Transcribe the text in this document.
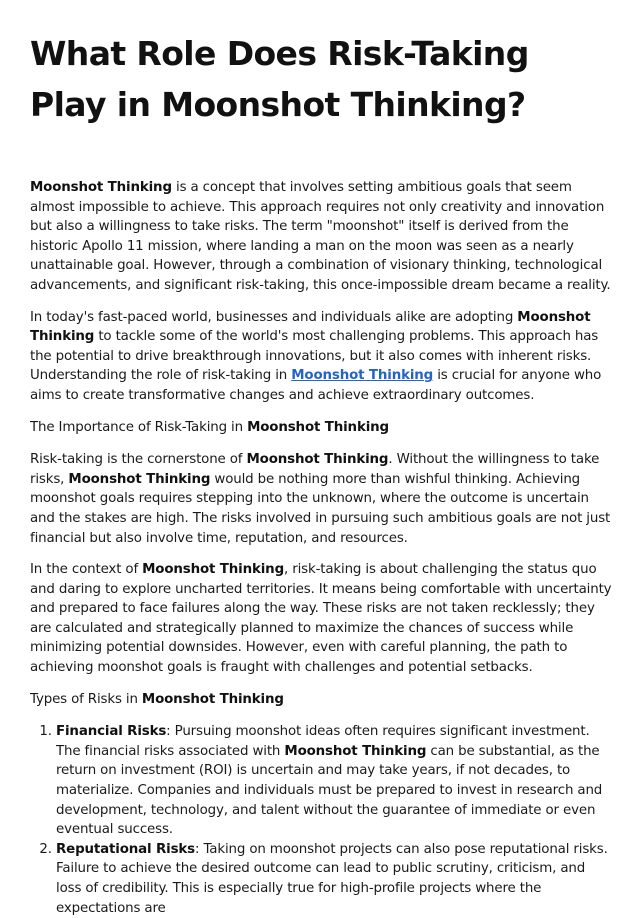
What Role Does Risk-Taking Play in Moonshot Thinking?

Moonshot Thinking is a concept that involves setting ambitious goals that seem almost impossible to achieve. This approach requires not only creativity and innovation but also a willingness to take risks. The term "moonshot" itself is derived from the historic Apollo 11 mission, where landing a man on the moon was seen as a nearly unattainable goal. However, through a combination of visionary thinking, technological advancements, and significant risk-taking, this once-impossible dream became a reality.

In today's fast-paced world, businesses and individuals alike are adopting Moonshot Thinking to tackle some of the world's most challenging problems. This approach has the potential to drive breakthrough innovations, but it also comes with inherent risks. Understanding the role of risk-taking in Moonshot Thinking is crucial for anyone who aims to create transformative changes and achieve extraordinary outcomes.

The Importance of Risk-Taking in Moonshot Thinking

Risk-taking is the cornerstone of Moonshot Thinking. Without the willingness to take risks, Moonshot Thinking would be nothing more than wishful thinking. Achieving moonshot goals requires stepping into the unknown, where the outcome is uncertain and the stakes are high. The risks involved in pursuing such ambitious goals are not just financial but also involve time, reputation, and resources.

In the context of Moonshot Thinking, risk-taking is about challenging the status quo and daring to explore uncharted territories. It means being comfortable with uncertainty and prepared to face failures along the way. These risks are not taken recklessly; they are calculated and strategically planned to maximize the chances of success while minimizing potential downsides. However, even with careful planning, the path to achieving moonshot goals is fraught with challenges and potential setbacks.

Types of Risks in Moonshot Thinking

1. Financial Risks: Pursuing moonshot ideas often requires significant investment. The financial risks associated with Moonshot Thinking can be substantial, as the return on investment (ROI) is uncertain and may take years, if not decades, to materialize. Companies and individuals must be prepared to invest in research and development, technology, and talent without the guarantee of immediate or even eventual success.
2. Reputational Risks: Taking on moonshot projects can also pose reputational risks. Failure to achieve the desired outcome can lead to public scrutiny, criticism, and loss of credibility. This is especially true for high-profile projects where the expectations are
